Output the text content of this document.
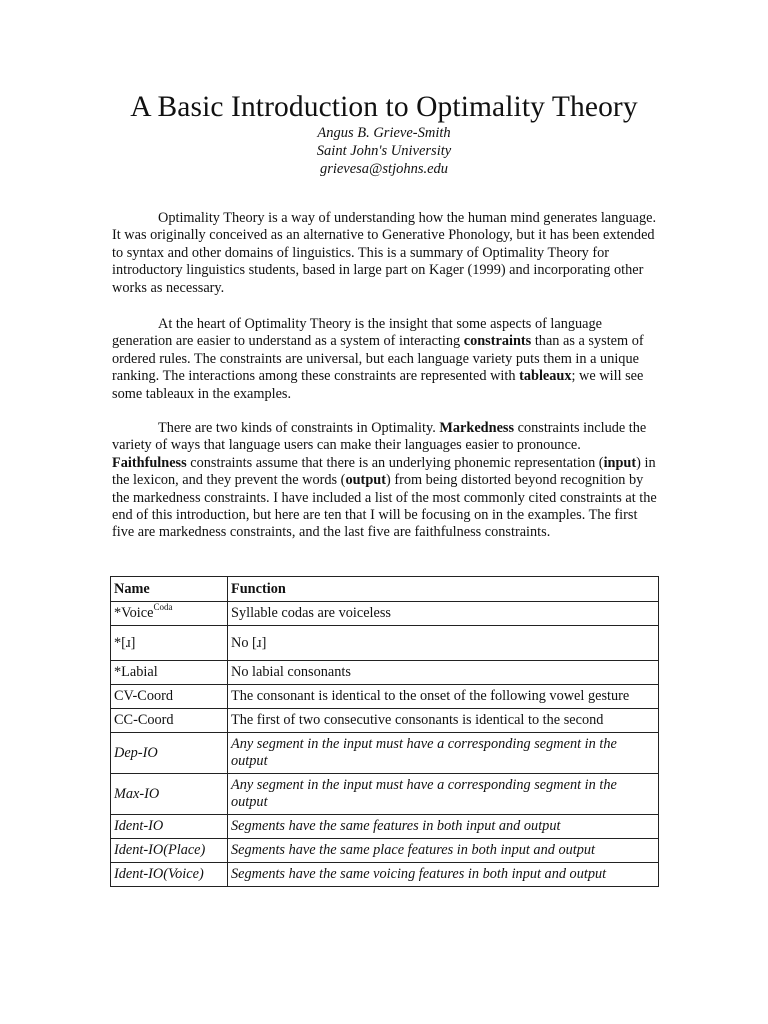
A Basic Introduction to Optimality Theory
Angus B. Grieve-Smith
Saint John's University
grievesa@stjohns.edu

Optimality Theory is a way of understanding how the human mind generates language. It was originally conceived as an alternative to Generative Phonology, but it has been extended to syntax and other domains of linguistics. This is a summary of Optimality Theory for introductory linguistics students, based in large part on Kager (1999) and incorporating other works as necessary.

At the heart of Optimality Theory is the insight that some aspects of language generation are easier to understand as a system of interacting constraints than as a system of ordered rules. The constraints are universal, but each language variety puts them in a unique ranking. The interactions among these constraints are represented with tableaux; we will see some tableaux in the examples.

There are two kinds of constraints in Optimality. Markedness constraints include the variety of ways that language users can make their languages easier to pronounce. Faithfulness constraints assume that there is an underlying phonemic representation (input) in the lexicon, and they prevent the words (output) from being distorted beyond recognition by the markedness constraints. I have included a list of the most commonly cited constraints at the end of this introduction, but here are ten that I will be focusing on in the examples. The first five are markedness constraints, and the last five are faithfulness constraints.

Name	Function
*Voice$^{Coda}$	Syllable codas are voiceless
*[ɹ]	No [ɹ]
*Labial	No labial consonants
CV-Coord	The consonant is identical to the onset of the following vowel gesture
CC-Coord	The first of two consecutive consonants is identical to the second
Dep-IO	Any segment in the input must have a corresponding segment in the output
Max-IO	Any segment in the input must have a corresponding segment in the output
Ident-IO	Segments have the same features in both input and output
Ident-IO(Place)	Segments have the same place features in both input and output
Ident-IO(Voice)	Segments have the same voicing features in both input and output
